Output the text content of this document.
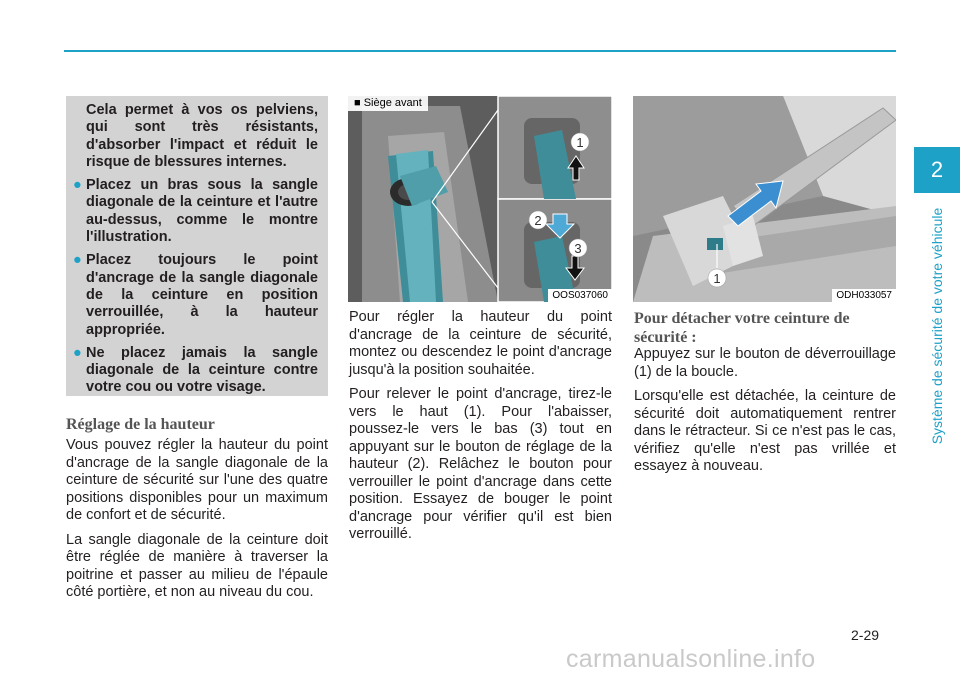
2
Système de sécurité de votre véhicule

Cela permet à vos os pelviens, qui sont très résistants, d'absorber l'impact et réduit le risque de blessures internes.

● Placez un bras sous la sangle diagonale de la ceinture et l'autre au-dessus, comme le montre l'illustration.
● Placez toujours le point d'ancrage de la sangle diagonale de la ceinture en position verrouillée, à la hauteur appropriée.
● Ne placez jamais la sangle diagonale de la ceinture contre votre cou ou votre visage.
Réglage de la hauteur

Vous pouvez régler la hauteur du point d'ancrage de la sangle diagonale de la ceinture de sécurité sur l'une des quatre positions disponibles pour un maximum de confort et de sécurité.

La sangle diagonale de la ceinture doit être réglée de manière à traverser la poitrine et passer au milieu de l'épaule côté portière, et non au niveau du cou.

1
2
3
■ Siège avant
OOS037060

Pour régler la hauteur du point d'ancrage de la ceinture de sécurité, montez ou descendez le point d'ancrage jusqu'à la position souhaitée.

Pour relever le point d'ancrage, tirez-le vers le haut (1). Pour l'abaisser, poussez-le vers le bas (3) tout en appuyant sur le bouton de réglage de la hauteur (2). Relâchez le bouton pour verrouiller le point d'ancrage dans cette position. Essayez de bouger le point d'ancrage pour vérifier qu'il est bien verrouillé.

1
ODH033057
Pour détacher votre ceinture de sécurité :

Appuyez sur le bouton de déverrouillage (1) de la boucle.

Lorsqu'elle est détachée, la ceinture de sécurité doit automatiquement rentrer dans le rétracteur. Si ce n'est pas le cas, vérifiez qu'elle n'est pas vrillée et essayez à nouveau.

2-29
carmanualsonline.info
